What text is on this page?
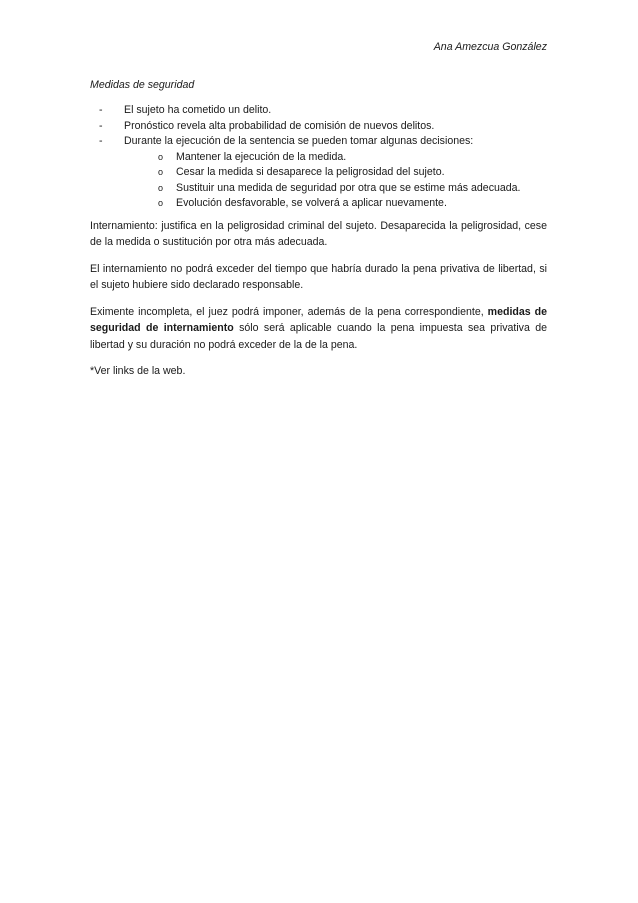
Ana Amezcua González
Medidas de seguridad
-	El sujeto ha cometido un delito.
-	Pronóstico revela alta probabilidad de comisión de nuevos delitos.
-	Durante la ejecución de la sentencia se pueden tomar algunas decisiones:
o Mantener la ejecución de la medida.
o Cesar la medida si desaparece la peligrosidad del sujeto.
o Sustituir una medida de seguridad por otra que se estime más adecuada.
o Evolución desfavorable, se volverá a aplicar nuevamente.

Internamiento: justifica en la peligrosidad criminal del sujeto. Desaparecida la peligrosidad, cese de la medida o sustitución por otra más adecuada.

El internamiento no podrá exceder del tiempo que habría durado la pena privativa de libertad, si el sujeto hubiere sido declarado responsable.

Eximente incompleta, el juez podrá imponer, además de la pena correspondiente, medidas de seguridad de internamiento sólo será aplicable cuando la pena impuesta sea privativa de libertad y su duración no podrá exceder de la de la pena.

*Ver links de la web.
